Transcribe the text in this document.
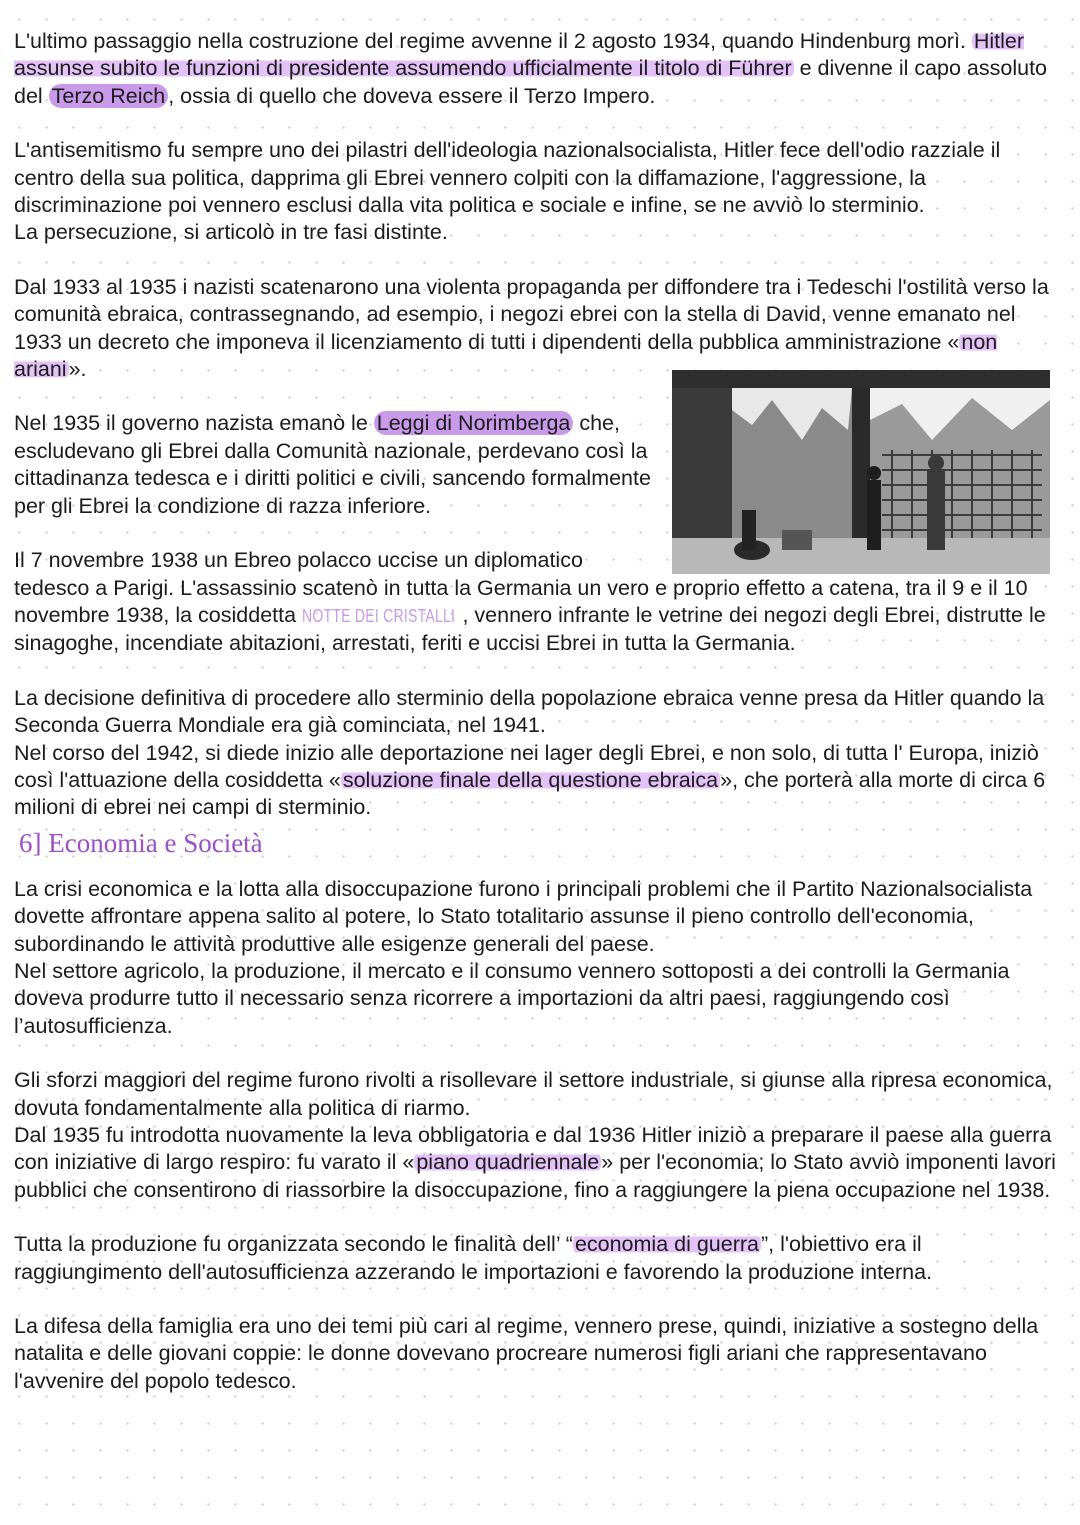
L'ultimo passaggio nella costruzione del regime avvenne il 2 agosto 1934, quando Hindenburg morì. Hitler assunse subito le funzioni di presidente assumendo ufficialmente il titolo di Führer e divenne il capo assoluto del Terzo Reich , ossia di quello che doveva essere il Terzo Impero.

L'antisemitismo fu sempre uno dei pilastri dell'ideologia nazionalsocialista, Hitler fece dell'odio razziale il centro della sua politica, dapprima gli Ebrei vennero colpiti con la diffamazione, l'aggressione, la discriminazione poi vennero esclusi dalla vita politica e sociale e infine, se ne avviò lo sterminio.

La persecuzione, si articolò in tre fasi distinte.

Dal 1933 al 1935 i nazisti scatenarono una violenta propaganda per diffondere tra i Tedeschi l'ostilità verso la comunità ebraica, contrassegnando, ad esempio, i negozi ebrei con la stella di David, venne emanato nel 1933 un decreto che imponeva il licenziamento di tutti i dipendenti della pubblica amministrazione «non ariani».

Nel 1935 il governo nazista emanò le Leggi di Norimberga che, escludevano gli Ebrei dalla Comunità nazionale, perdevano così la cittadinanza tedesca e i diritti politici e civili, sancendo formalmente per gli Ebrei la condizione di razza inferiore.

Il 7 novembre 1938 un Ebreo polacco uccise un diplomatico
tedesco a Parigi. L'assassinio scatenò in tutta la Germania un vero e proprio effetto a catena, tra il 9 e il 10 novembre 1938, la cosiddetta NOTTE DEI CRISTALLI , vennero infrante le vetrine dei negozi degli Ebrei, distrutte le sinagoghe, incendiate abitazioni, arrestati, feriti e uccisi Ebrei in tutta la Germania.

La decisione definitiva di procedere allo sterminio della popolazione ebraica venne presa da Hitler quando la Seconda Guerra Mondiale era già cominciata, nel 1941.

Nel corso del 1942, si diede inizio alle deportazione nei lager degli Ebrei, e non solo, di tutta l' Europa, iniziò così l'attuazione della cosiddetta «soluzione finale della questione ebraica», che porterà alla morte di circa 6 milioni di ebrei nei campi di sterminio.

6] Economia e Società

La crisi economica e la lotta alla disoccupazione furono i principali problemi che il Partito Nazionalsocialista dovette affrontare appena salito al potere, lo Stato totalitario assunse il pieno controllo dell'economia, subordinando le attività produttive alle esigenze generali del paese.

Nel settore agricolo, la produzione, il mercato e il consumo vennero sottoposti a dei controlli la Germania doveva produrre tutto il necessario senza ricorrere a importazioni da altri paesi, raggiungendo così l’autosufficienza.

Gli sforzi maggiori del regime furono rivolti a risollevare il settore industriale, si giunse alla ripresa economica, dovuta fondamentalmente alla politica di riarmo.

Dal 1935 fu introdotta nuovamente la leva obbligatoria e dal 1936 Hitler iniziò a preparare il paese alla guerra con iniziative di largo respiro: fu varato il «piano quadriennale» per l'economia; lo Stato avviò imponenti lavori pubblici che consentirono di riassorbire la disoccupazione, fino a raggiungere la piena occupazione nel 1938.

Tutta la produzione fu organizzata secondo le finalità dell’ “economia di guerra”, l'obiettivo era il raggiungimento dell'autosufficienza azzerando le importazioni e favorendo la produzione interna.

La difesa della famiglia era uno dei temi più cari al regime, vennero prese, quindi, iniziative a sostegno della natalita e delle giovani coppie: le donne dovevano procreare numerosi figli ariani che rappresentavano l'avvenire del popolo tedesco.
